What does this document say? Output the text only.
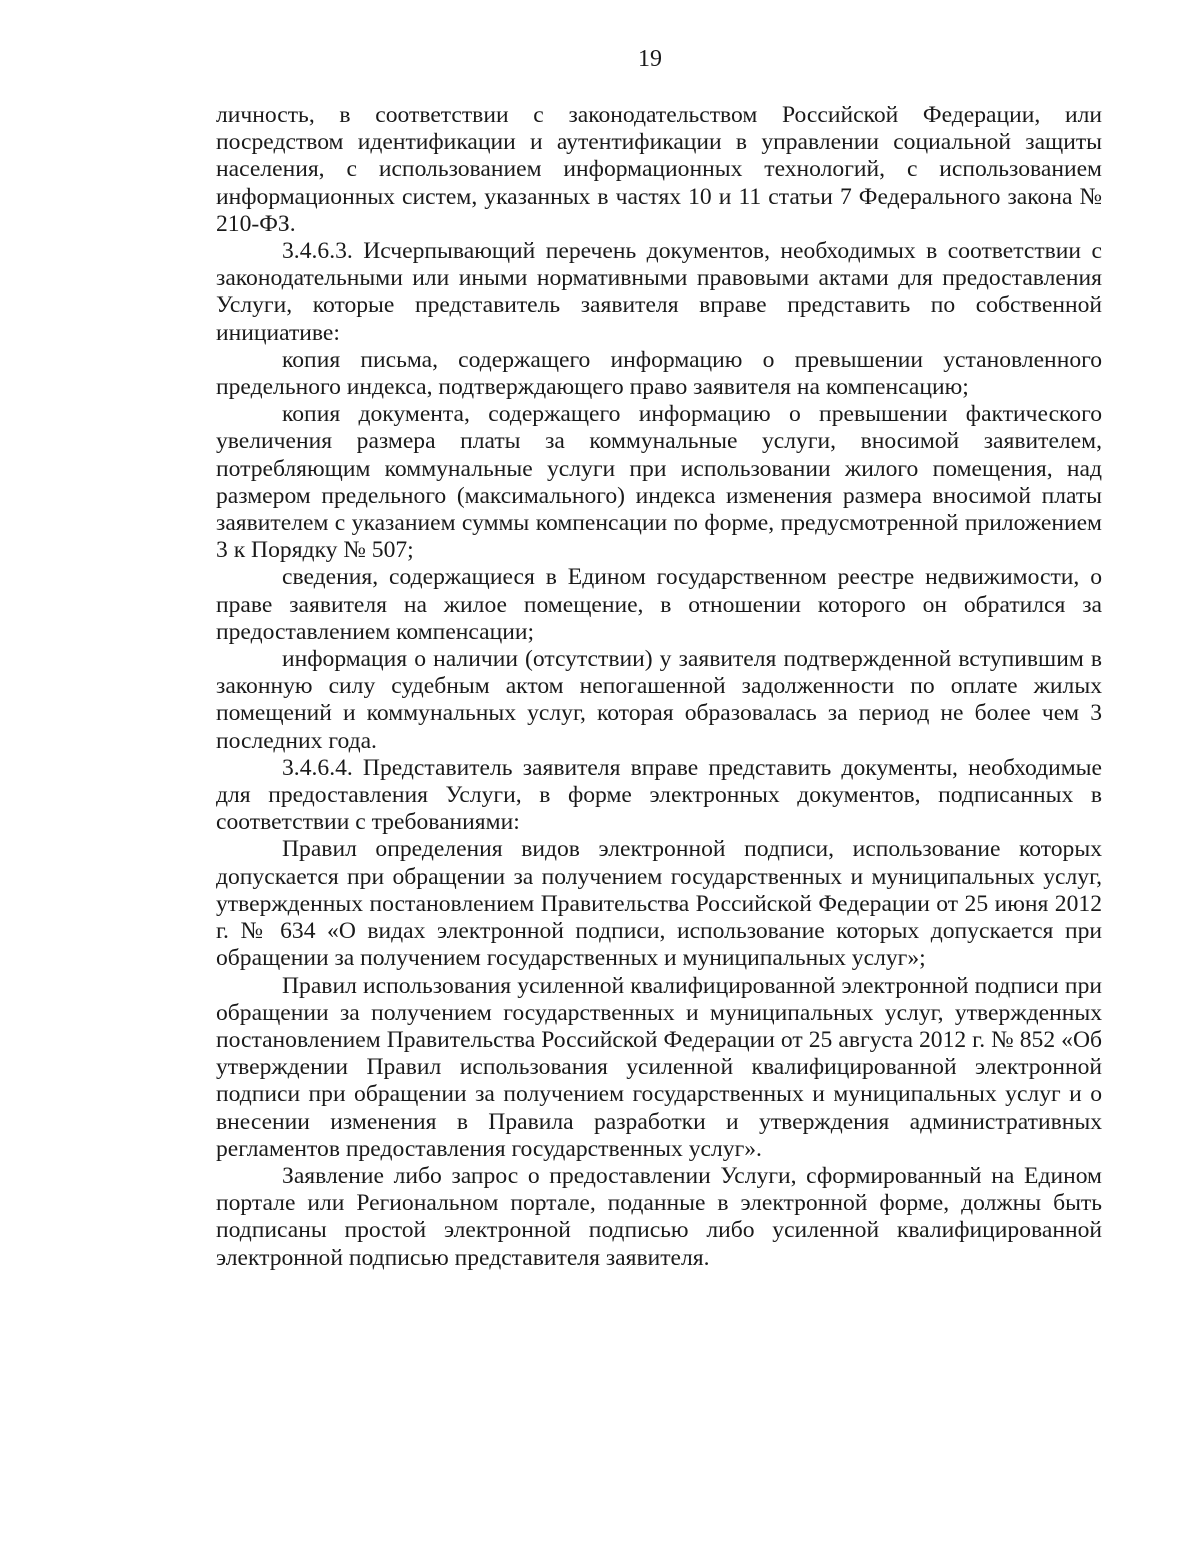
19

личность, в соответствии с законодательством Российской Федерации, или посредством идентификации и аутентификации в управлении социальной защиты населения, с использованием информационных технологий, с использованием информационных систем, указанных в частях 10 и 11 статьи 7 Федерального закона № 210-ФЗ.

3.4.6.3. Исчерпывающий перечень документов, необходимых в соответствии с законодательными или иными нормативными правовыми актами для предоставления Услуги, которые представитель заявителя вправе представить по собственной инициативе:

копия письма, содержащего информацию о превышении установленного предельного индекса, подтверждающего право заявителя на компенсацию;

копия документа, содержащего информацию о превышении фактического увеличения размера платы за коммунальные услуги, вносимой заявителем, потребляющим коммунальные услуги при использовании жилого помещения, над размером предельного (максимального) индекса изменения размера вносимой платы заявителем с указанием суммы компенсации по форме, предусмотренной приложением 3 к Порядку № 507;

сведения, содержащиеся в Едином государственном реестре недвижимости, о праве заявителя на жилое помещение, в отношении которого он обратился за предоставлением компенсации;

информация о наличии (отсутствии) у заявителя подтвержденной вступившим в законную силу судебным актом непогашенной задолженности по оплате жилых помещений и коммунальных услуг, которая образовалась за период не более чем 3 последних года.

3.4.6.4. Представитель заявителя вправе представить документы, необходимые для предоставления Услуги, в форме электронных документов, подписанных в соответствии с требованиями:

Правил определения видов электронной подписи, использование которых допускается при обращении за получением государственных и муниципальных услуг, утвержденных постановлением Правительства Российской Федерации от 25 июня 2012 г. № 634 «О видах электронной подписи, использование которых допускается при обращении за получением государственных и муниципальных услуг»;

Правил использования усиленной квалифицированной электронной подписи при обращении за получением государственных и муниципальных услуг, утвержденных постановлением Правительства Российской Федерации от 25 августа 2012 г. № 852 «Об утверждении Правил использования усиленной квалифицированной электронной подписи при обращении за получением государственных и муниципальных услуг и о внесении изменения в Правила разработки и утверждения административных регламентов предоставления государственных услуг».

Заявление либо запрос о предоставлении Услуги, сформированный на Едином портале или Региональном портале, поданные в электронной форме, должны быть подписаны простой электронной подписью либо усиленной квалифицированной электронной подписью представителя заявителя.
